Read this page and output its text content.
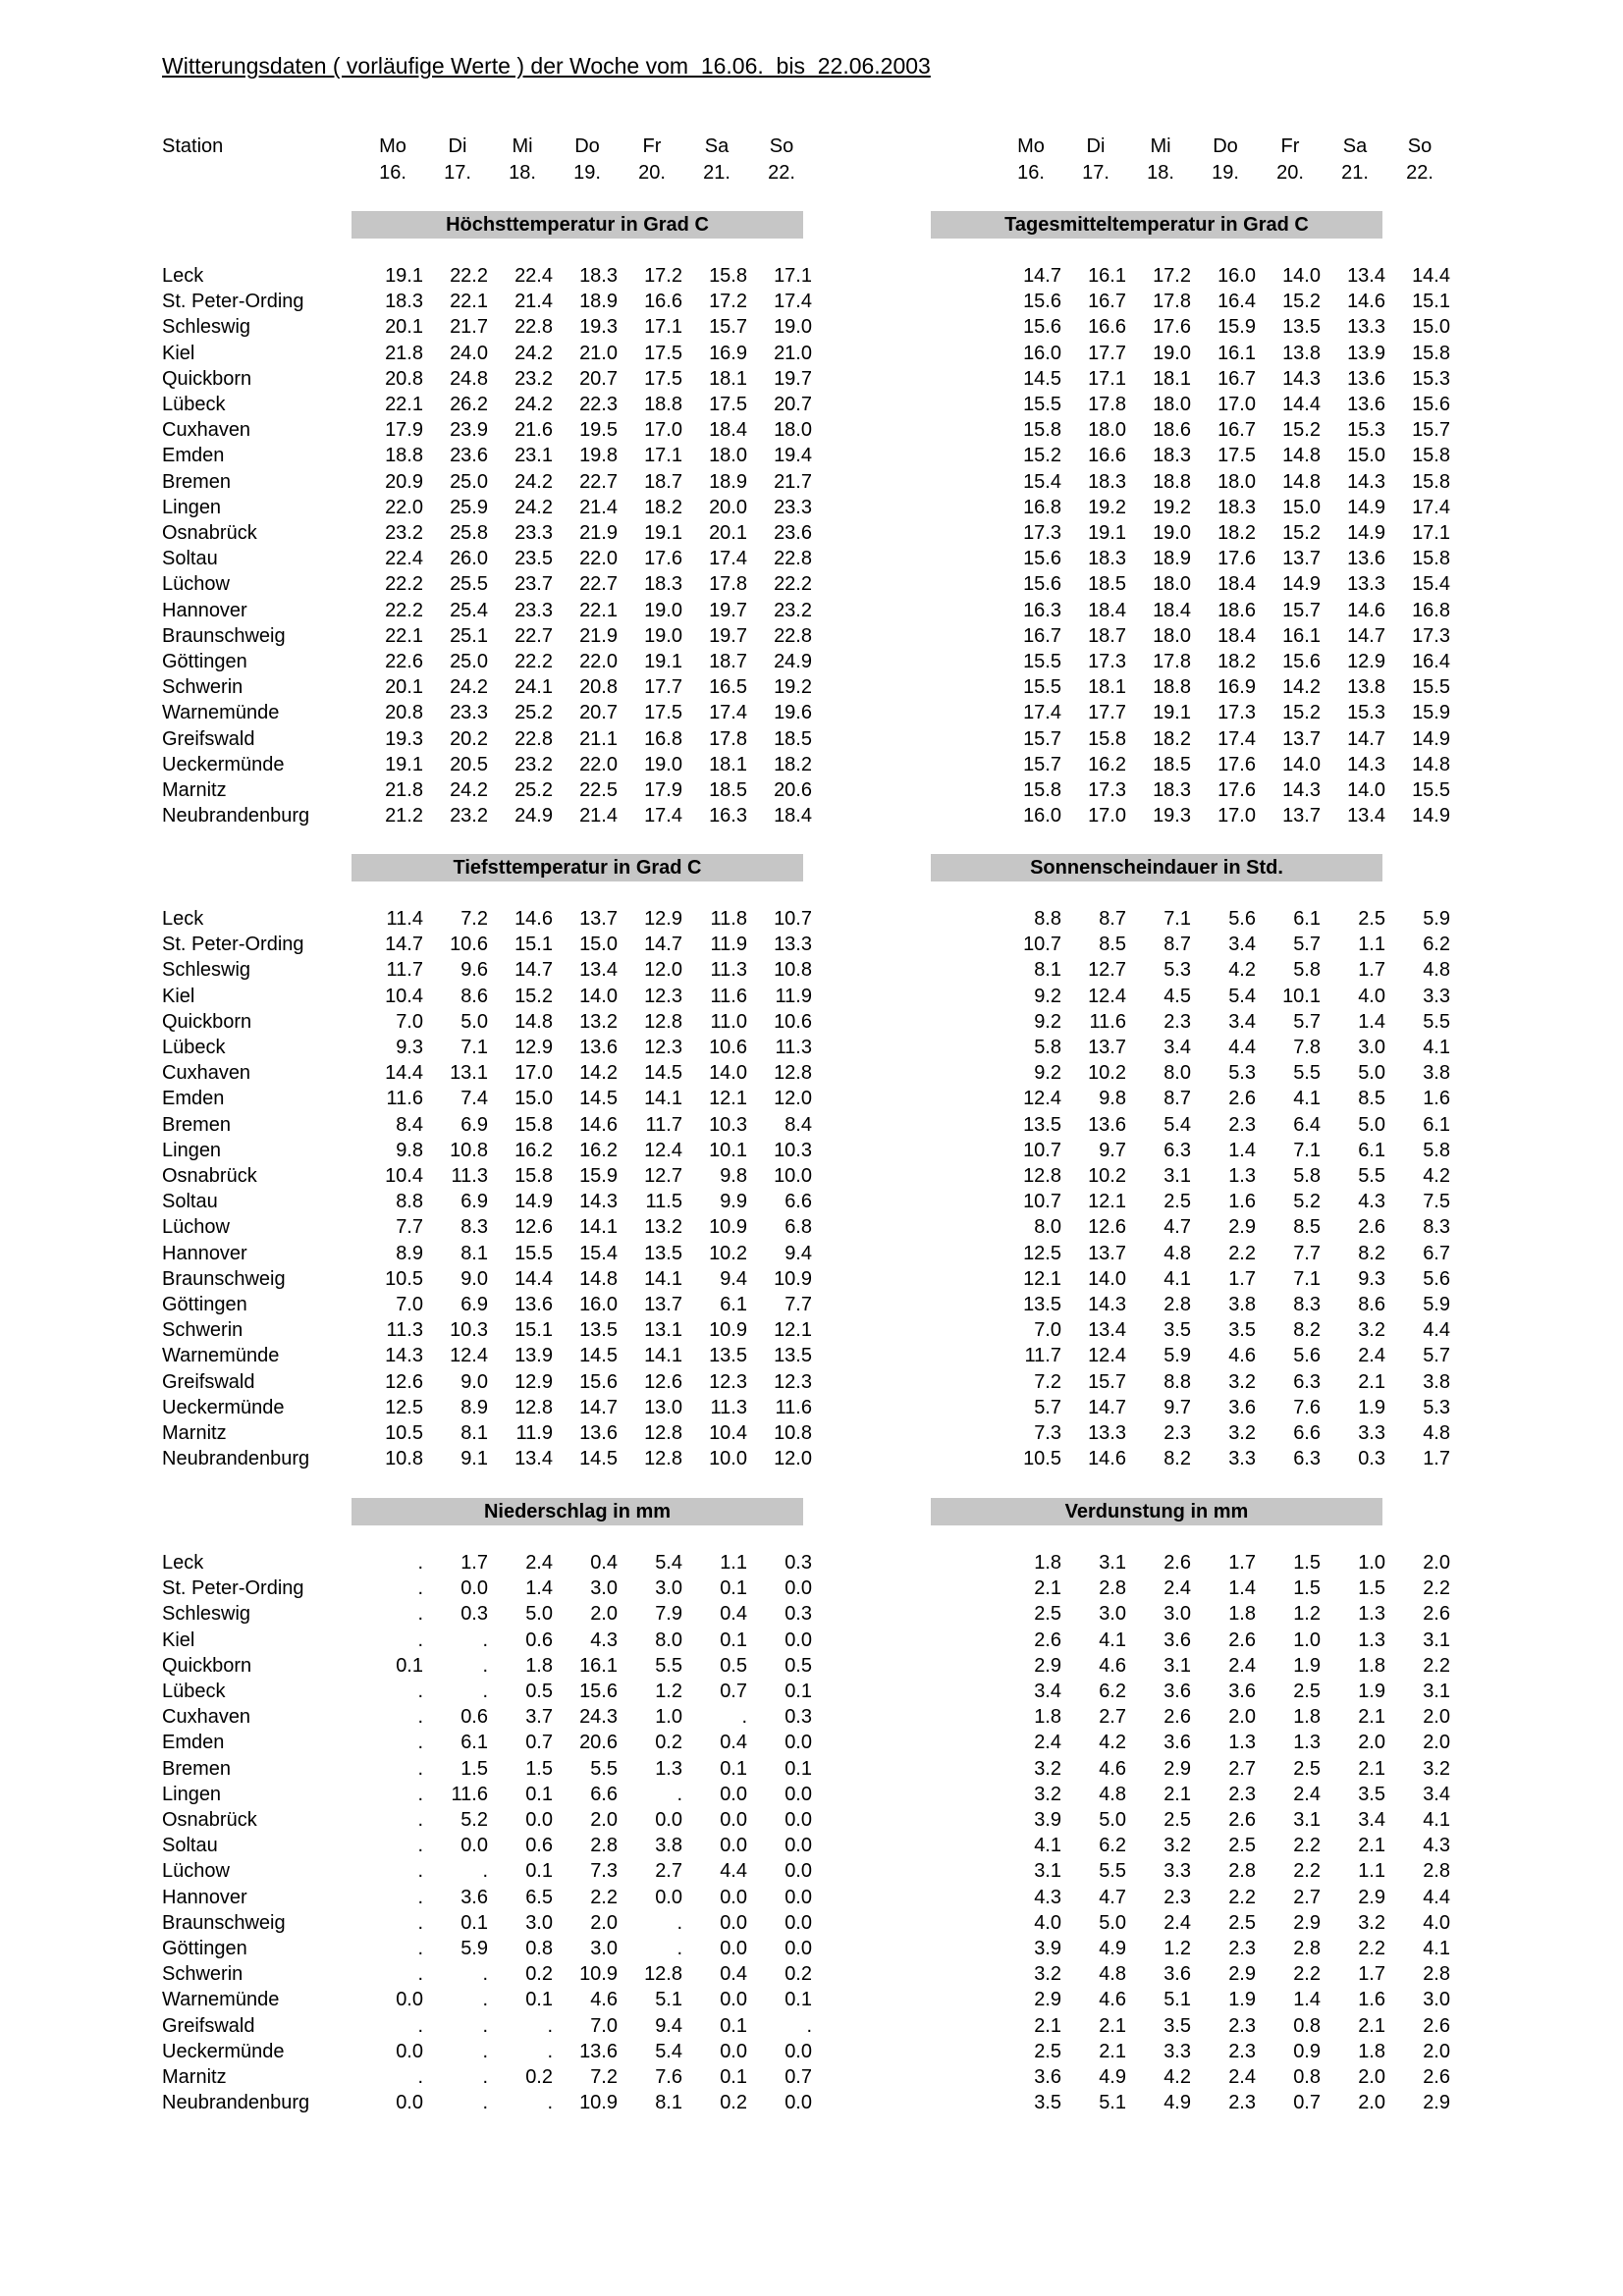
Witterungsdaten ( vorläufige Werte ) der Woche vom  16.06.  bis  22.06.2003
Station	Mo	Di	Mi	Do	Fr	Sa	So
16.	17.	18.	19.	20.	21.	22.
Mo	Di	Mi	Do	Fr	Sa	So
16.	17.	18.	19.	20.	21.	22.
Höchsttemperatur in Grad C	Tagesmitteltemperatur in Grad C
Leck	19.1	22.2	22.4	18.3	17.2	15.8	17.1	14.7	16.1	17.2	16.0	14.0	13.4	14.4
St. Peter-Ording	18.3	22.1	21.4	18.9	16.6	17.2	17.4	15.6	16.7	17.8	16.4	15.2	14.6	15.1
Schleswig	20.1	21.7	22.8	19.3	17.1	15.7	19.0	15.6	16.6	17.6	15.9	13.5	13.3	15.0
Kiel	21.8	24.0	24.2	21.0	17.5	16.9	21.0	16.0	17.7	19.0	16.1	13.8	13.9	15.8
Quickborn	20.8	24.8	23.2	20.7	17.5	18.1	19.7	14.5	17.1	18.1	16.7	14.3	13.6	15.3
Lübeck	22.1	26.2	24.2	22.3	18.8	17.5	20.7	15.5	17.8	18.0	17.0	14.4	13.6	15.6
Cuxhaven	17.9	23.9	21.6	19.5	17.0	18.4	18.0	15.8	18.0	18.6	16.7	15.2	15.3	15.7
Emden	18.8	23.6	23.1	19.8	17.1	18.0	19.4	15.2	16.6	18.3	17.5	14.8	15.0	15.8
Bremen	20.9	25.0	24.2	22.7	18.7	18.9	21.7	15.4	18.3	18.8	18.0	14.8	14.3	15.8
Lingen	22.0	25.9	24.2	21.4	18.2	20.0	23.3	16.8	19.2	19.2	18.3	15.0	14.9	17.4
Osnabrück	23.2	25.8	23.3	21.9	19.1	20.1	23.6	17.3	19.1	19.0	18.2	15.2	14.9	17.1
Soltau	22.4	26.0	23.5	22.0	17.6	17.4	22.8	15.6	18.3	18.9	17.6	13.7	13.6	15.8
Lüchow	22.2	25.5	23.7	22.7	18.3	17.8	22.2	15.6	18.5	18.0	18.4	14.9	13.3	15.4
Hannover	22.2	25.4	23.3	22.1	19.0	19.7	23.2	16.3	18.4	18.4	18.6	15.7	14.6	16.8
Braunschweig	22.1	25.1	22.7	21.9	19.0	19.7	22.8	16.7	18.7	18.0	18.4	16.1	14.7	17.3
Göttingen	22.6	25.0	22.2	22.0	19.1	18.7	24.9	15.5	17.3	17.8	18.2	15.6	12.9	16.4
Schwerin	20.1	24.2	24.1	20.8	17.7	16.5	19.2	15.5	18.1	18.8	16.9	14.2	13.8	15.5
Warnemünde	20.8	23.3	25.2	20.7	17.5	17.4	19.6	17.4	17.7	19.1	17.3	15.2	15.3	15.9
Greifswald	19.3	20.2	22.8	21.1	16.8	17.8	18.5	15.7	15.8	18.2	17.4	13.7	14.7	14.9
Ueckermünde	19.1	20.5	23.2	22.0	19.0	18.1	18.2	15.7	16.2	18.5	17.6	14.0	14.3	14.8
Marnitz	21.8	24.2	25.2	22.5	17.9	18.5	20.6	15.8	17.3	18.3	17.6	14.3	14.0	15.5
Neubrandenburg	21.2	23.2	24.9	21.4	17.4	16.3	18.4	16.0	17.0	19.3	17.0	13.7	13.4	14.9
Tiefsttemperatur in Grad C	Sonnenscheindauer in Std.
Leck	11.4	7.2	14.6	13.7	12.9	11.8	10.7	8.8	8.7	7.1	5.6	6.1	2.5	5.9
St. Peter-Ording	14.7	10.6	15.1	15.0	14.7	11.9	13.3	10.7	8.5	8.7	3.4	5.7	1.1	6.2
Schleswig	11.7	9.6	14.7	13.4	12.0	11.3	10.8	8.1	12.7	5.3	4.2	5.8	1.7	4.8
Kiel	10.4	8.6	15.2	14.0	12.3	11.6	11.9	9.2	12.4	4.5	5.4	10.1	4.0	3.3
Quickborn	7.0	5.0	14.8	13.2	12.8	11.0	10.6	9.2	11.6	2.3	3.4	5.7	1.4	5.5
Lübeck	9.3	7.1	12.9	13.6	12.3	10.6	11.3	5.8	13.7	3.4	4.4	7.8	3.0	4.1
Cuxhaven	14.4	13.1	17.0	14.2	14.5	14.0	12.8	9.2	10.2	8.0	5.3	5.5	5.0	3.8
Emden	11.6	7.4	15.0	14.5	14.1	12.1	12.0	12.4	9.8	8.7	2.6	4.1	8.5	1.6
Bremen	8.4	6.9	15.8	14.6	11.7	10.3	8.4	13.5	13.6	5.4	2.3	6.4	5.0	6.1
Lingen	9.8	10.8	16.2	16.2	12.4	10.1	10.3	10.7	9.7	6.3	1.4	7.1	6.1	5.8
Osnabrück	10.4	11.3	15.8	15.9	12.7	9.8	10.0	12.8	10.2	3.1	1.3	5.8	5.5	4.2
Soltau	8.8	6.9	14.9	14.3	11.5	9.9	6.6	10.7	12.1	2.5	1.6	5.2	4.3	7.5
Lüchow	7.7	8.3	12.6	14.1	13.2	10.9	6.8	8.0	12.6	4.7	2.9	8.5	2.6	8.3
Hannover	8.9	8.1	15.5	15.4	13.5	10.2	9.4	12.5	13.7	4.8	2.2	7.7	8.2	6.7
Braunschweig	10.5	9.0	14.4	14.8	14.1	9.4	10.9	12.1	14.0	4.1	1.7	7.1	9.3	5.6
Göttingen	7.0	6.9	13.6	16.0	13.7	6.1	7.7	13.5	14.3	2.8	3.8	8.3	8.6	5.9
Schwerin	11.3	10.3	15.1	13.5	13.1	10.9	12.1	7.0	13.4	3.5	3.5	8.2	3.2	4.4
Warnemünde	14.3	12.4	13.9	14.5	14.1	13.5	13.5	11.7	12.4	5.9	4.6	5.6	2.4	5.7
Greifswald	12.6	9.0	12.9	15.6	12.6	12.3	12.3	7.2	15.7	8.8	3.2	6.3	2.1	3.8
Ueckermünde	12.5	8.9	12.8	14.7	13.0	11.3	11.6	5.7	14.7	9.7	3.6	7.6	1.9	5.3
Marnitz	10.5	8.1	11.9	13.6	12.8	10.4	10.8	7.3	13.3	2.3	3.2	6.6	3.3	4.8
Neubrandenburg	10.8	9.1	13.4	14.5	12.8	10.0	12.0	10.5	14.6	8.2	3.3	6.3	0.3	1.7
Niederschlag in mm	Verdunstung in mm
Leck	.	1.7	2.4	0.4	5.4	1.1	0.3	1.8	3.1	2.6	1.7	1.5	1.0	2.0
St. Peter-Ording	.	0.0	1.4	3.0	3.0	0.1	0.0	2.1	2.8	2.4	1.4	1.5	1.5	2.2
Schleswig	.	0.3	5.0	2.0	7.9	0.4	0.3	2.5	3.0	3.0	1.8	1.2	1.3	2.6
Kiel	.	.	0.6	4.3	8.0	0.1	0.0	2.6	4.1	3.6	2.6	1.0	1.3	3.1
Quickborn	0.1	.	1.8	16.1	5.5	0.5	0.5	2.9	4.6	3.1	2.4	1.9	1.8	2.2
Lübeck	.	.	0.5	15.6	1.2	0.7	0.1	3.4	6.2	3.6	3.6	2.5	1.9	3.1
Cuxhaven	.	0.6	3.7	24.3	1.0	.	0.3	1.8	2.7	2.6	2.0	1.8	2.1	2.0
Emden	.	6.1	0.7	20.6	0.2	0.4	0.0	2.4	4.2	3.6	1.3	1.3	2.0	2.0
Bremen	.	1.5	1.5	5.5	1.3	0.1	0.1	3.2	4.6	2.9	2.7	2.5	2.1	3.2
Lingen	.	11.6	0.1	6.6	.	0.0	0.0	3.2	4.8	2.1	2.3	2.4	3.5	3.4
Osnabrück	.	5.2	0.0	2.0	0.0	0.0	0.0	3.9	5.0	2.5	2.6	3.1	3.4	4.1
Soltau	.	0.0	0.6	2.8	3.8	0.0	0.0	4.1	6.2	3.2	2.5	2.2	2.1	4.3
Lüchow	.	.	0.1	7.3	2.7	4.4	0.0	3.1	5.5	3.3	2.8	2.2	1.1	2.8
Hannover	.	3.6	6.5	2.2	0.0	0.0	0.0	4.3	4.7	2.3	2.2	2.7	2.9	4.4
Braunschweig	.	0.1	3.0	2.0	.	0.0	0.0	4.0	5.0	2.4	2.5	2.9	3.2	4.0
Göttingen	.	5.9	0.8	3.0	.	0.0	0.0	3.9	4.9	1.2	2.3	2.8	2.2	4.1
Schwerin	.	.	0.2	10.9	12.8	0.4	0.2	3.2	4.8	3.6	2.9	2.2	1.7	2.8
Warnemünde	0.0	.	0.1	4.6	5.1	0.0	0.1	2.9	4.6	5.1	1.9	1.4	1.6	3.0
Greifswald	.	.	.	7.0	9.4	0.1	.	2.1	2.1	3.5	2.3	0.8	2.1	2.6
Ueckermünde	0.0	.	.	13.6	5.4	0.0	0.0	2.5	2.1	3.3	2.3	0.9	1.8	2.0
Marnitz	.	.	0.2	7.2	7.6	0.1	0.7	3.6	4.9	4.2	2.4	0.8	2.0	2.6
Neubrandenburg	0.0	.	.	10.9	8.1	0.2	0.0	3.5	5.1	4.9	2.3	0.7	2.0	2.9
